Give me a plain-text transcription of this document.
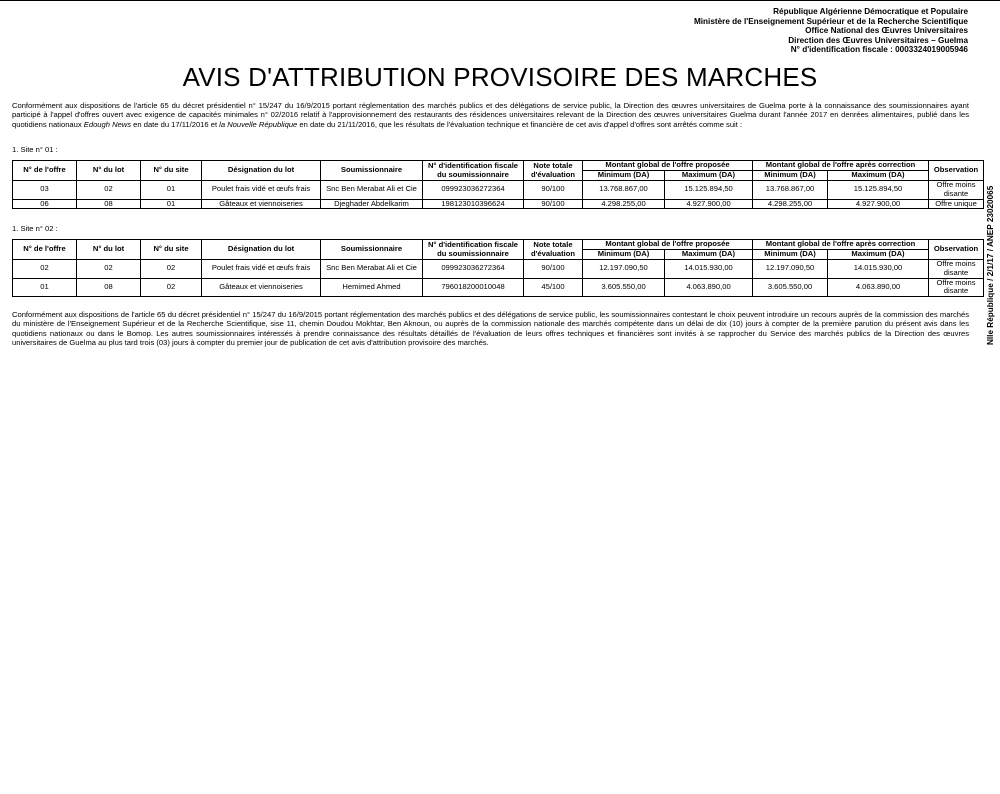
République Algérienne Démocratique et Populaire
Ministère de l'Enseignement Supérieur et de la Recherche Scientifique
Office National des Œuvres Universitaires
Direction des Œuvres Universitaires – Guelma
N° d'identification fiscale : 0003324019005946
AVIS D'ATTRIBUTION PROVISOIRE DES MARCHES
Conformément aux dispositions de l'article 65 du décret présidentiel n° 15/247 du 16/9/2015 portant réglementation des marchés publics et des délégations de service public, la Direction des œuvres universitaires de Guelma porte à la connaissance des soumissionnaires ayant participé à l'appel d'offres ouvert avec exigence de capacités minimales n° 02/2016 relatif à l'approvisionnement des restaurants des résidences universitaires relevant de la Direction des œuvres universitaires Guelma durant l'année 2017 en denrées alimentaires, publié dans les quotidiens nationaux Edough News en date du 17/11/2016 et la Nouvelle République en date du 21/11/2016, que les résultats de l'évaluation technique et financière de cet avis d'appel d'offres sont arrêtés comme suit :
1. Site n° 01 :
N° de l'offre	N° du lot	N° du site	Désignation du lot	Soumissionnaire	N° d'identification fiscale du soumissionnaire	Note totale d'évaluation	Montant global de l'offre proposée		Montant global de l'offre après correction		Observation
							Minimum (DA)	Maximum (DA)	Minimum (DA)	Maximum (DA)	
03	02	01	Poulet frais vidé et œufs frais	Snc Ben Merabat Ali et Cie	099923036272364	90/100	13.768.867,00	15.125.894,50	13.768.867,00	15.125.894,50	Offre moins disante
06	08	01	Gâteaux et viennoiseries	Djeghader Abdelkarim	198123010396624	90/100	4.298.255,00	4.927.900,00	4.298.255,00	4.927.900,00	Offre unique
1. Site n° 02 :
N° de l'offre	N° du lot	N° du site	Désignation du lot	Soumissionnaire	N° d'identification fiscale du soumissionnaire	Note totale d'évaluation	Montant global de l'offre proposée		Montant global de l'offre après correction		Observation
							Minimum (DA)	Maximum (DA)	Minimum (DA)	Maximum (DA)	
02	02	02	Poulet frais vidé et œufs frais	Snc Ben Merabat Ali et Cie	099923036272364	90/100	12.197.090,50	14.015.930,00	12.197.090,50	14.015.930,00	Offre moins disante
01	08	02	Gâteaux et viennoiseries	Hemimed Ahmed	796018200010048	45/100	3.605.550,00	4.063.890,00	3.605.550,00	4.063.890,00	Offre moins disante
Conformément aux dispositions de l'article 65 du décret présidentiel n° 15/247 du 16/9/2015 portant réglementation des marchés publics et des délégations de service public, les soumissionnaires contestant le choix peuvent introduire un recours auprès de la commission des marchés du ministère de l'Enseignement Supérieur et de la Recherche Scientifique, sise 11, chemin Doudou Mokhtar, Ben Aknoun, ou auprès de la commission nationale des marchés compétente dans un délai de dix (10) jours à compter de la première parution du présent avis dans les quotidiens nationaux ou dans le Bomop. Les autres soumissionnaires intéressés à prendre connaissance des résultats détaillés de l'évaluation de leurs offres techniques et financières sont invités à se rapprocher du Service des marchés publics de la Direction des œuvres universitaires de Guelma au plus tard trois (03) jours à compter du premier jour de publication de cet avis d'attribution provisoire des marchés.	Nlle République / 2/1/17 / ANEP 23020065
